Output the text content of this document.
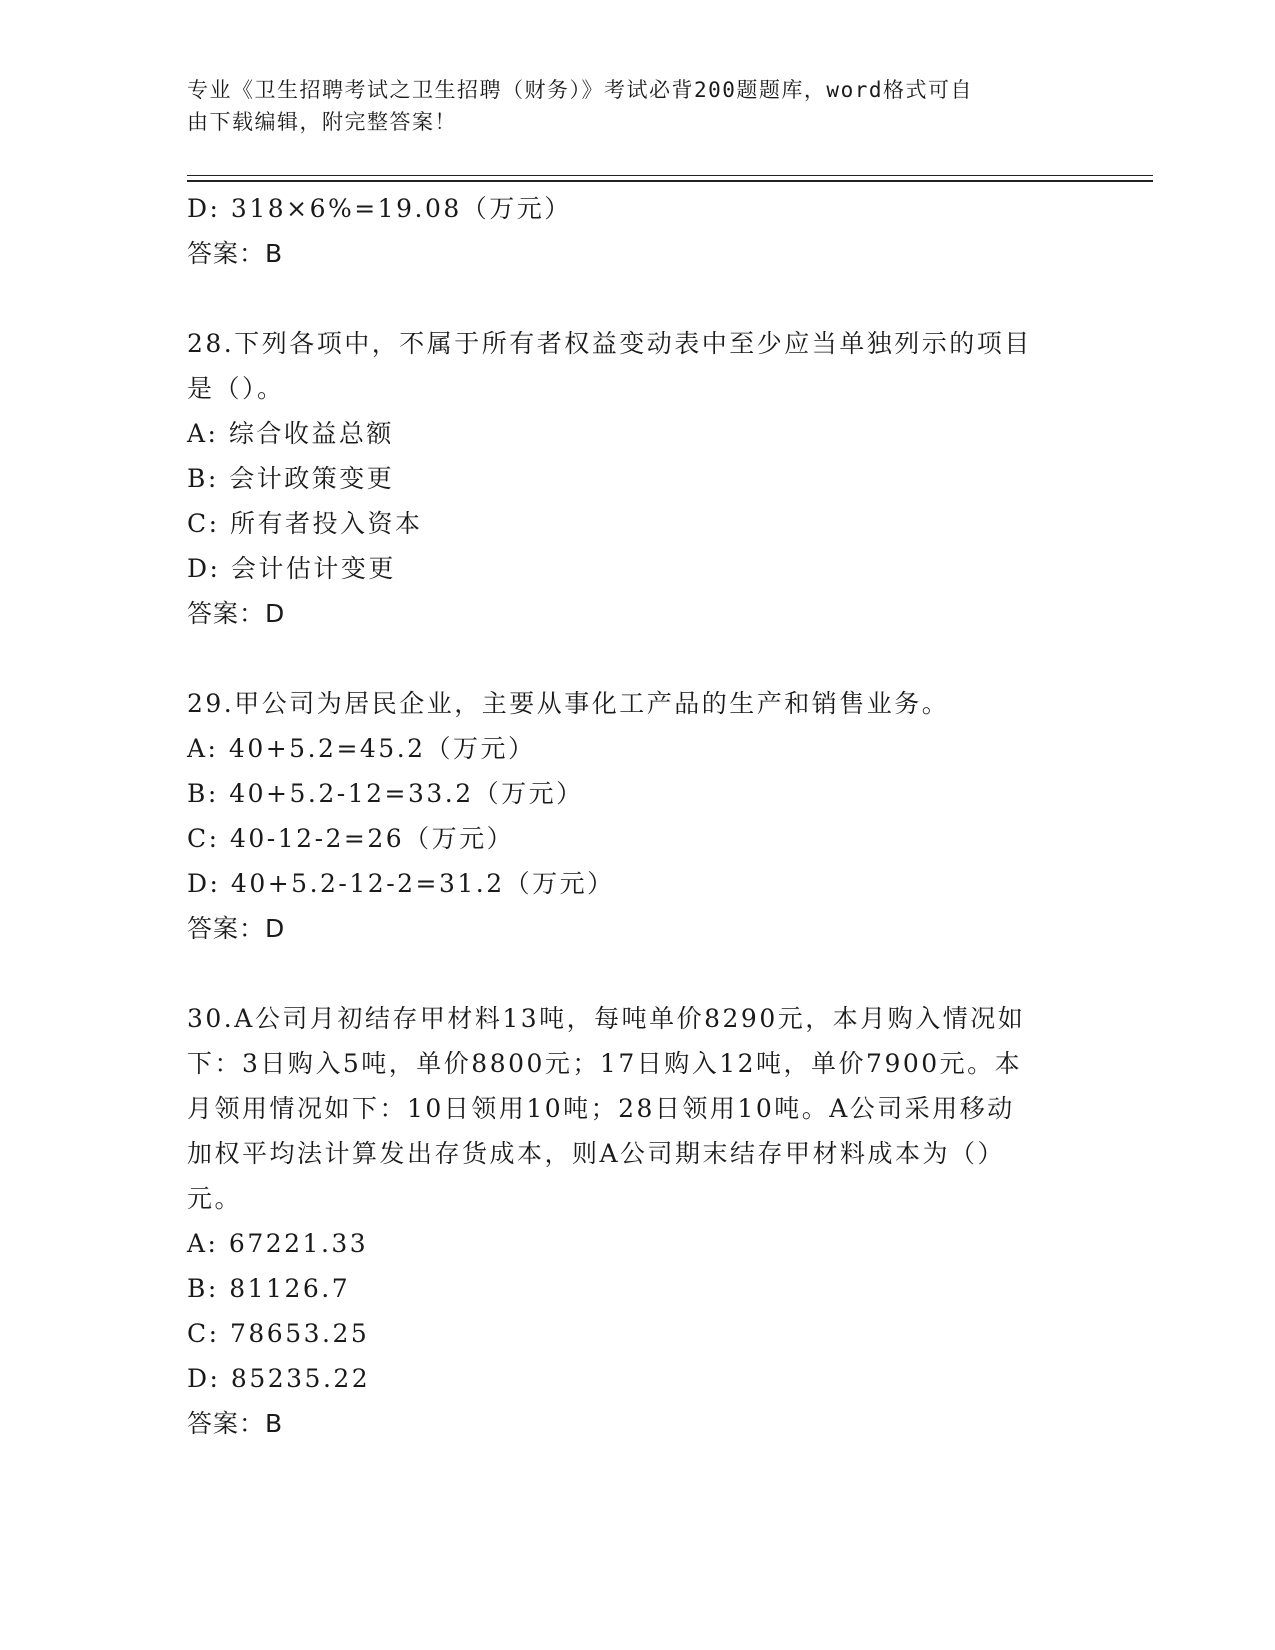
专业《卫生招聘考试之卫生招聘（财务）》考试必背200题题库，word格式可自
由下载编辑，附完整答案！
D: 318×6%=19.08（万元）
答案：B
28.下列各项中，不属于所有者权益变动表中至少应当单独列示的项目
是（）。
A: 综合收益总额
B: 会计政策变更
C: 所有者投入资本
D: 会计估计变更
答案：D
29.甲公司为居民企业，主要从事化工产品的生产和销售业务。
A: 40+5.2=45.2（万元）
B: 40+5.2-12=33.2（万元）
C: 40-12-2=26（万元）
D: 40+5.2-12-2=31.2（万元）
答案：D
30.A公司月初结存甲材料13吨，每吨单价8290元，本月购入情况如
下：3日购入5吨，单价8800元；17日购入12吨，单价7900元。本
月领用情况如下：10日领用10吨；28日领用10吨。A公司采用移动
加权平均法计算发出存货成本，则A公司期末结存甲材料成本为（）
元。
A: 67221.33
B: 81126.7
C: 78653.25
D: 85235.22
答案：B
